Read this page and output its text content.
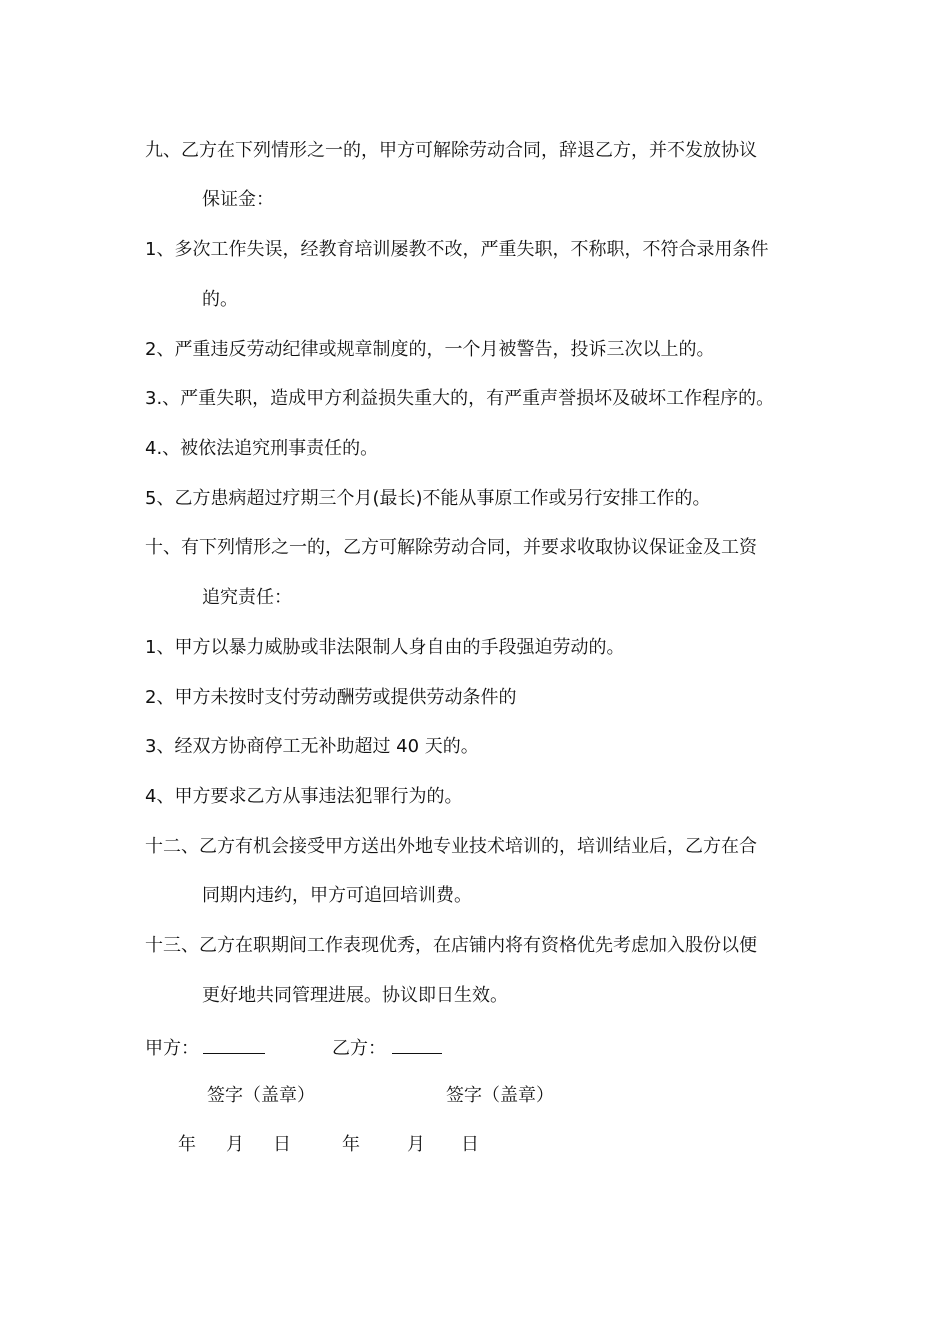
九、乙方在下列情形之一的，甲方可解除劳动合同，辞退乙方，并不发放协议
保证金：
1、多次工作失误，经教育培训屡教不改，严重失职，不称职，不符合录用条件
的。
2、严重违反劳动纪律或规章制度的，一个月被警告，投诉三次以上的。
3.、严重失职，造成甲方利益损失重大的，有严重声誉损坏及破坏工作程序的。
4.、被依法追究刑事责任的。
5、乙方患病超过疗期三个月(最长)不能从事原工作或另行安排工作的。
十、有下列情形之一的，乙方可解除劳动合同，并要求收取协议保证金及工资
追究责任：
1、甲方以暴力威胁或非法限制人身自由的手段强迫劳动的。
2、甲方未按时支付劳动酬劳或提供劳动条件的
3、经双方协商停工无补助超过 40 天的。
4、甲方要求乙方从事违法犯罪行为的。
十二、乙方有机会接受甲方送出外地专业技术培训的，培训结业后，乙方在合
同期内违约，甲方可追回培训费。
十三、乙方在职期间工作表现优秀，在店铺内将有资格优先考虑加入股份以便
更好地共同管理进展。协议即日生效。
甲方：	乙方：
签字（盖章）	签字（盖章）
年 月 日	年	月 日
